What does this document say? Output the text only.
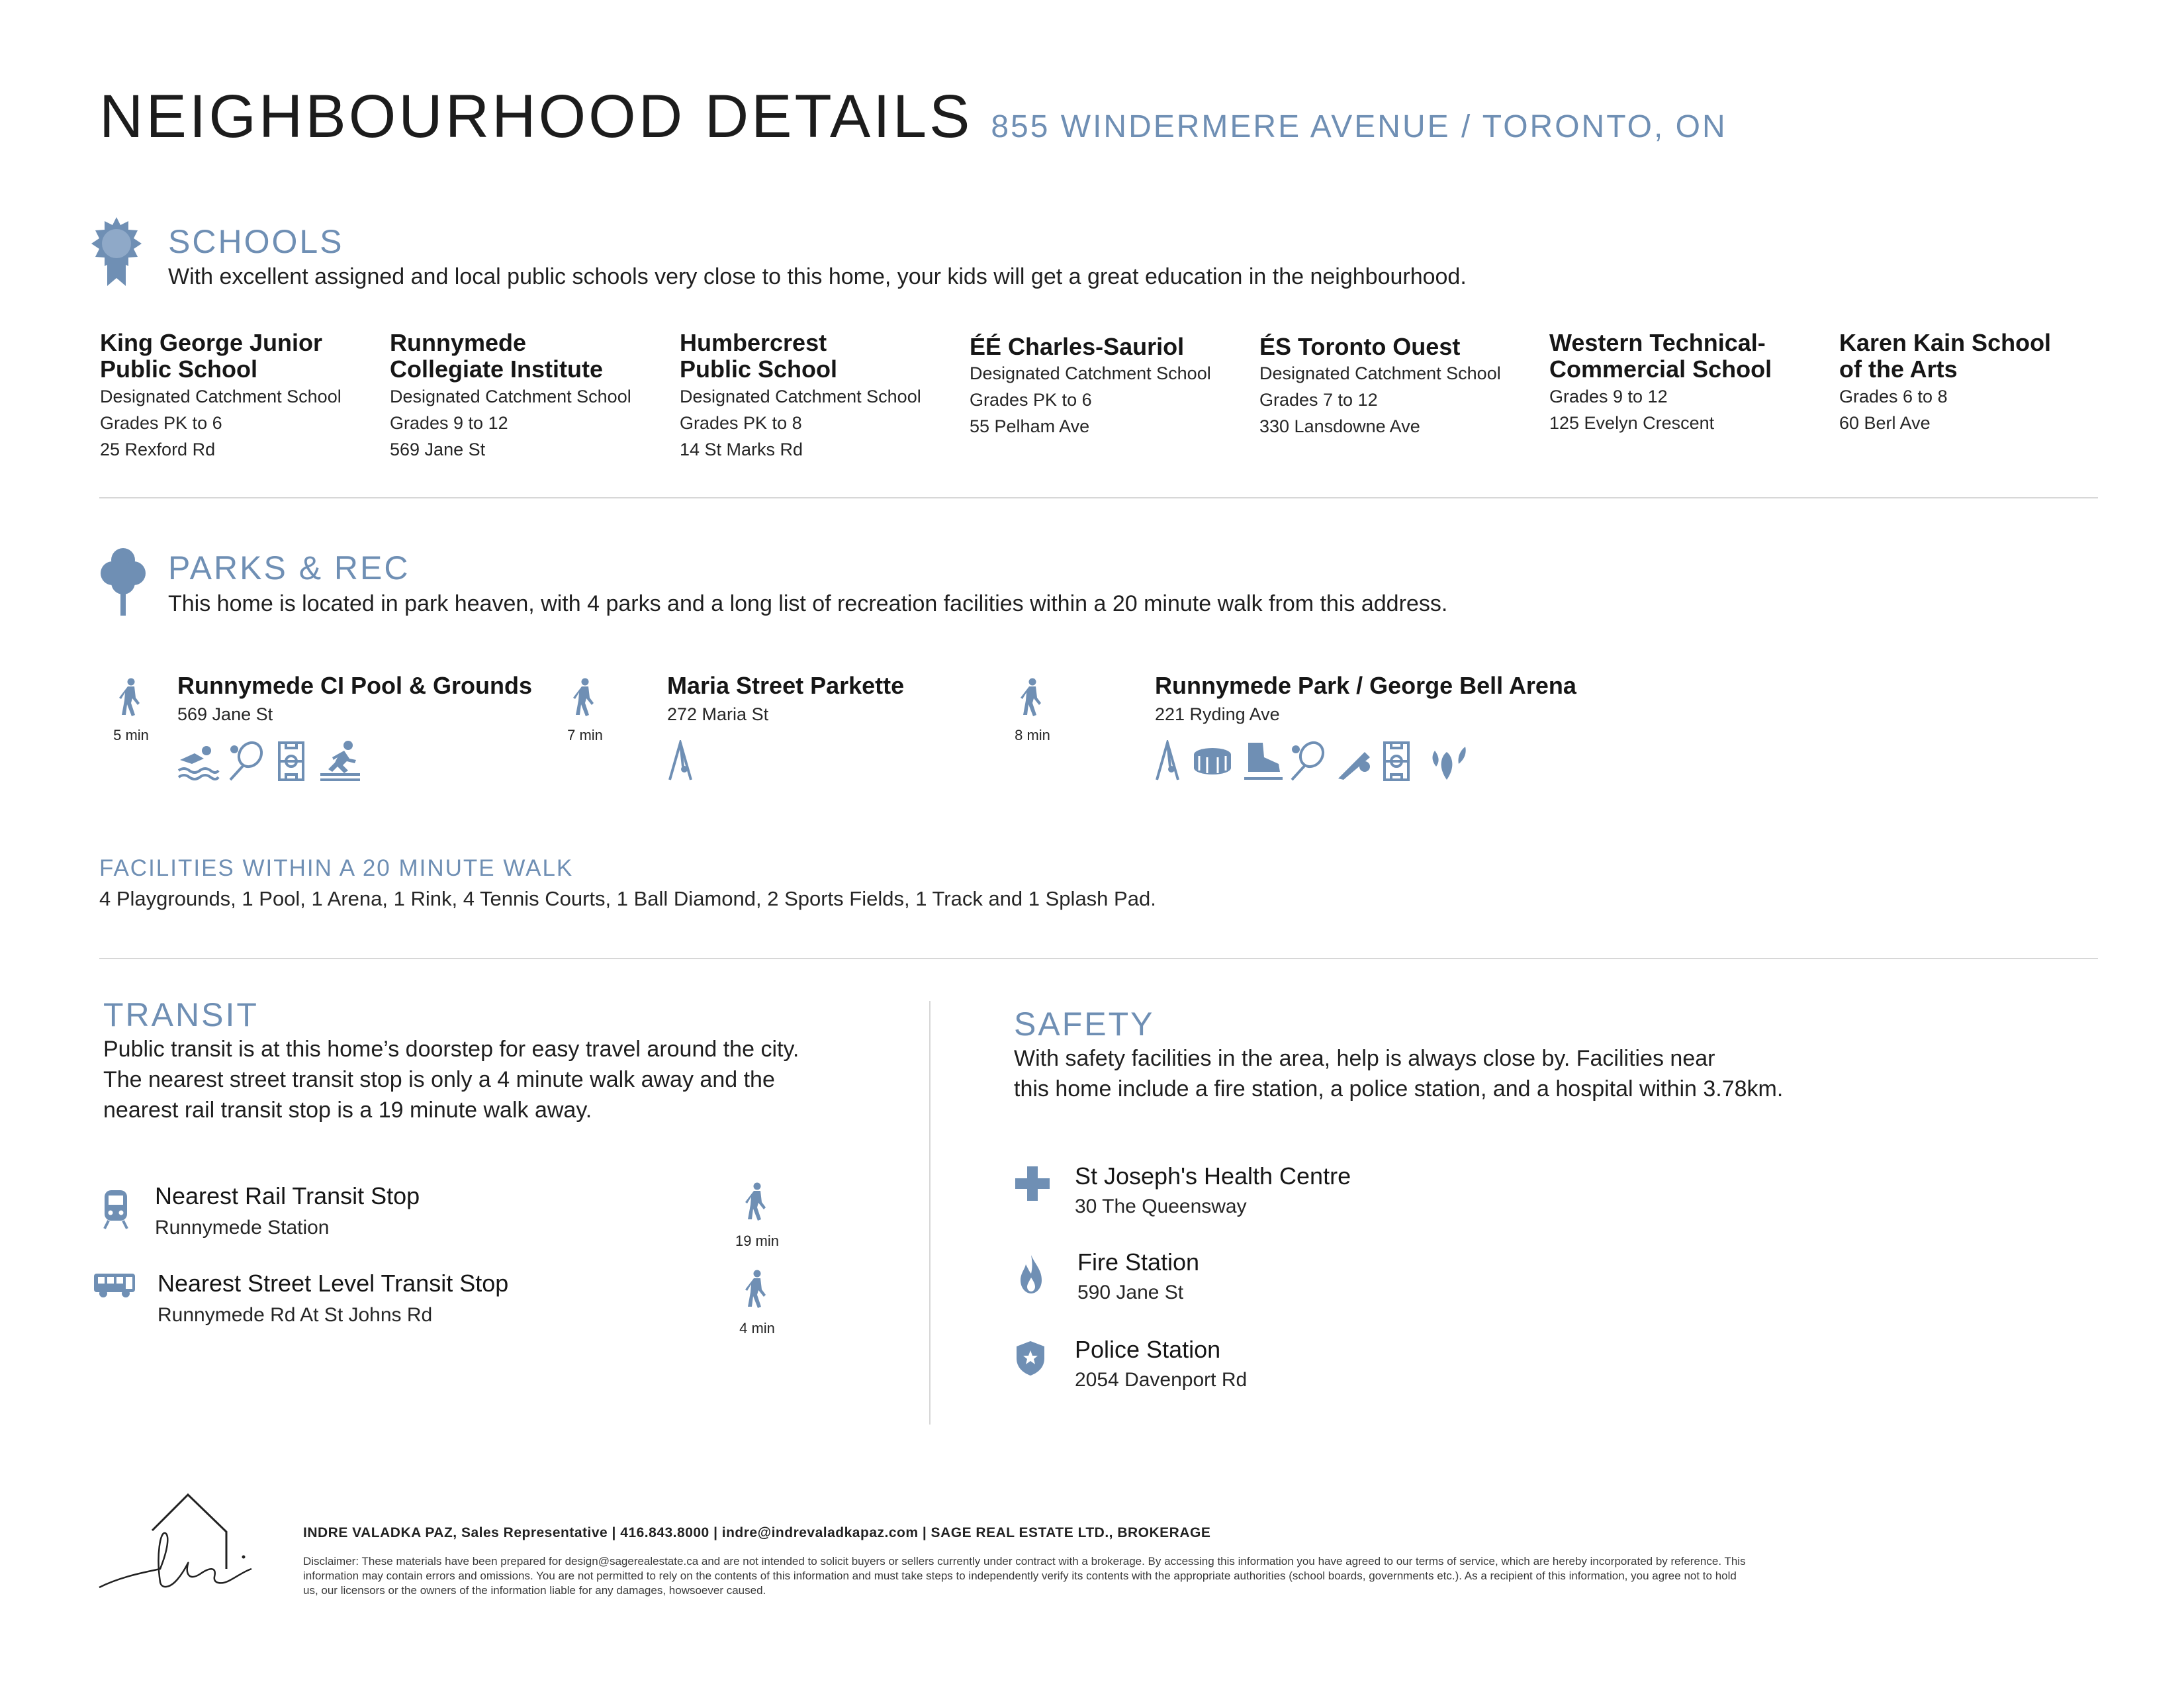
NEIGHBOURHOOD DETAILS 855 WINDERMERE AVENUE / TORONTO, ON
SCHOOLS
With excellent assigned and local public schools very close to this home, your kids will get a great education in the neighbourhood.
King George Junior
Public School
Designated Catchment School
Grades PK to 6
25 Rexford Rd
Runnymede
Collegiate Institute
Designated Catchment School
Grades 9 to 12
569 Jane St
Humbercrest
Public School
Designated Catchment School
Grades PK to 8
14 St Marks Rd
ÉÉ Charles-Sauriol
Designated Catchment School
Grades PK to 6
55 Pelham Ave
ÉS Toronto Ouest
Designated Catchment School
Grades 7 to 12
330 Lansdowne Ave
Western Technical-
Commercial School
Grades 9 to 12
125 Evelyn Crescent
Karen Kain School
of the Arts
Grades 6 to 8
60 Berl Ave
PARKS & REC
This home is located in park heaven, with 4 parks and a long list of recreation facilities within a 20 minute walk from this address.
5 min
Runnymede CI Pool & Grounds
569 Jane St
7 min
Maria Street Parkette
272 Maria St
8 min
Runnymede Park / George Bell Arena
221 Ryding Ave
FACILITIES WITHIN A 20 MINUTE WALK
4 Playgrounds, 1 Pool, 1 Arena, 1 Rink, 4 Tennis Courts, 1 Ball Diamond, 2 Sports Fields, 1 Track and 1 Splash Pad.
TRANSIT
Public transit is at this home’s doorstep for easy travel around the city.
The nearest street transit stop is only a 4 minute walk away and the
nearest rail transit stop is a 19 minute walk away.
Nearest Rail Transit Stop
Runnymede Station
19 min
Nearest Street Level Transit Stop
Runnymede Rd At St Johns Rd
4 min
SAFETY
With safety facilities in the area, help is always close by. Facilities near
this home include a fire station, a police station, and a hospital within 3.78km.
St Joseph's Health Centre
30 The Queensway
Fire Station
590 Jane St
Police Station
2054 Davenport Rd
INDRE VALADKA PAZ, Sales Representative | 416.843.8000 | indre@indrevaladkapaz.com | SAGE REAL ESTATE LTD., BROKERAGE
Disclaimer: These materials have been prepared for design@sagerealestate.ca and are not intended to solicit buyers or sellers currently under contract with a brokerage. By accessing this information you have agreed to our terms of service, which are hereby incorporated by reference. This information may contain errors and omissions. You are not permitted to rely on the contents of this information and must take steps to independently verify its contents with the appropriate authorities (school boards, governments etc.). As a recipient of this information, you agree not to hold us, our licensors or the owners of the information liable for any damages, howsoever caused.
